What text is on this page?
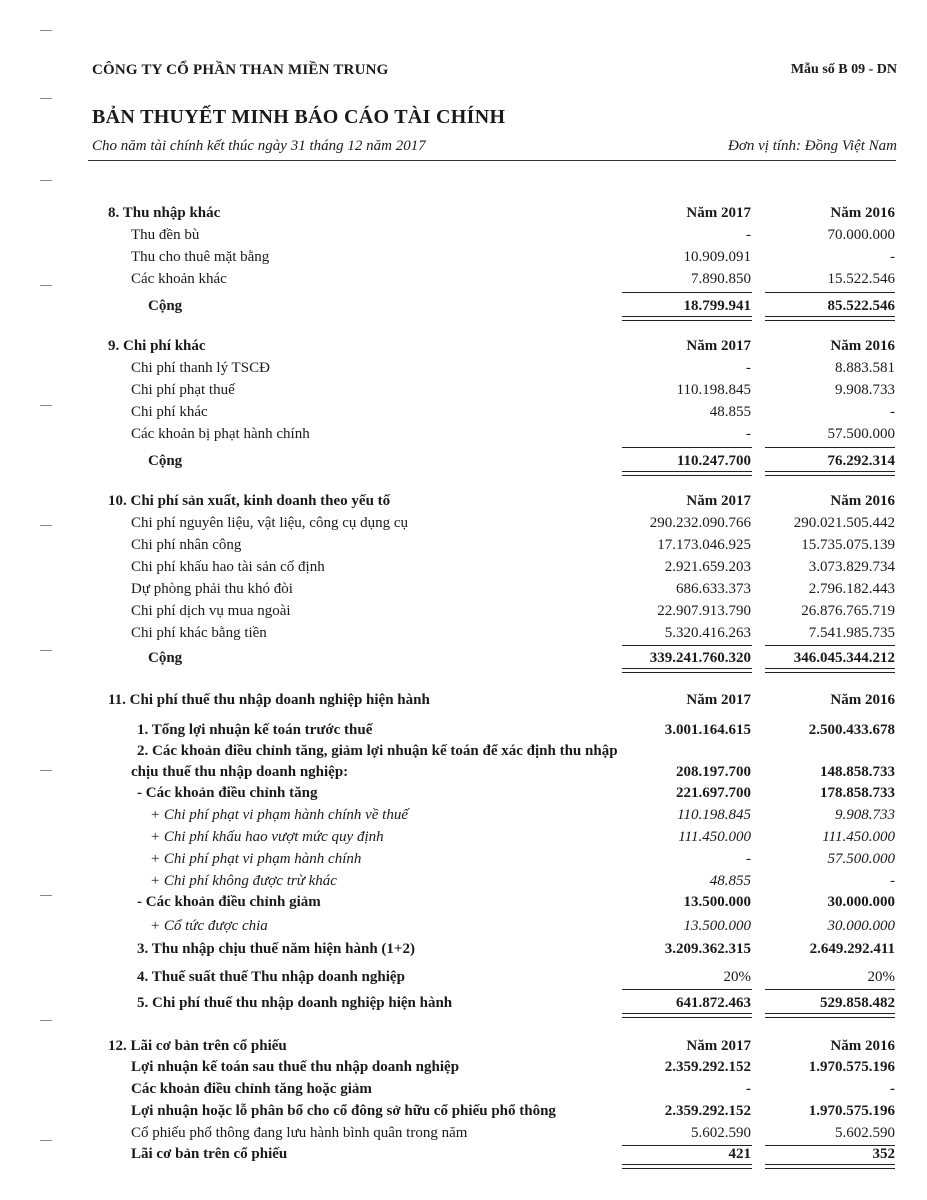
CÔNG TY CỔ PHẦN THAN MIỀN TRUNG	Mẫu số B 09 - DN
BẢN THUYẾT MINH BÁO CÁO TÀI CHÍNH
Cho năm tài chính kết thúc ngày 31 tháng 12 năm 2017	Đơn vị tính: Đồng Việt Nam
8. Thu nhập khác	Năm 2017	Năm 2016
Thu đền bù	-	70.000.000
Thu cho thuê mặt bằng	10.909.091	-
Các khoản khác	7.890.850	15.522.546
Cộng	18.799.941	85.522.546
9. Chi phí khác	Năm 2017	Năm 2016
Chi phí thanh lý TSCĐ	-	8.883.581
Chi phí phạt thuế	110.198.845	9.908.733
Chi phí khác	48.855	-
Các khoản bị phạt hành chính	-	57.500.000
Cộng	110.247.700	76.292.314
10. Chi phí sản xuất, kinh doanh theo yếu tố	Năm 2017	Năm 2016
Chi phí nguyên liệu, vật liệu, công cụ dụng cụ	290.232.090.766	290.021.505.442
Chi phí nhân công	17.173.046.925	15.735.075.139
Chi phí khấu hao tài sản cố định	2.921.659.203	3.073.829.734
Dự phòng phải thu khó đòi	686.633.373	2.796.182.443
Chi phí dịch vụ mua ngoài	22.907.913.790	26.876.765.719
Chi phí khác bằng tiền	5.320.416.263	7.541.985.735
Cộng	339.241.760.320	346.045.344.212
11. Chi phí thuế thu nhập doanh nghiệp hiện hành	Năm 2017	Năm 2016
1. Tổng lợi nhuận kế toán trước thuế	3.001.164.615	2.500.433.678
2. Các khoản điều chỉnh tăng, giảm lợi nhuận kế toán để xác định thu nhập
chịu thuế thu nhập doanh nghiệp:	208.197.700	148.858.733
- Các khoản điều chỉnh tăng	221.697.700	178.858.733
+ Chi phí phạt vi phạm hành chính về thuế	110.198.845	9.908.733
+ Chi phí khấu hao vượt mức quy định	111.450.000	111.450.000
+ Chi phí phạt vi phạm hành chính	-	57.500.000
+ Chi phí không được trừ khác	48.855	-
- Các khoản điều chỉnh giảm	13.500.000	30.000.000
+ Cổ tức được chia	13.500.000	30.000.000
3. Thu nhập chịu thuế năm hiện hành (1+2)	3.209.362.315	2.649.292.411
4. Thuế suất thuế Thu nhập doanh nghiệp	20%	20%
5. Chi phí thuế thu nhập doanh nghiệp hiện hành	641.872.463	529.858.482
12. Lãi cơ bản trên cổ phiếu	Năm 2017	Năm 2016
Lợi nhuận kế toán sau thuế thu nhập doanh nghiệp	2.359.292.152	1.970.575.196
Các khoản điều chỉnh tăng hoặc giảm	-	-
Lợi nhuận hoặc lỗ phân bổ cho cổ đông sở hữu cổ phiếu phổ thông	2.359.292.152	1.970.575.196
Cổ phiếu phổ thông đang lưu hành bình quân trong năm	5.602.590	5.602.590
Lãi cơ bản trên cổ phiếu	421	352
